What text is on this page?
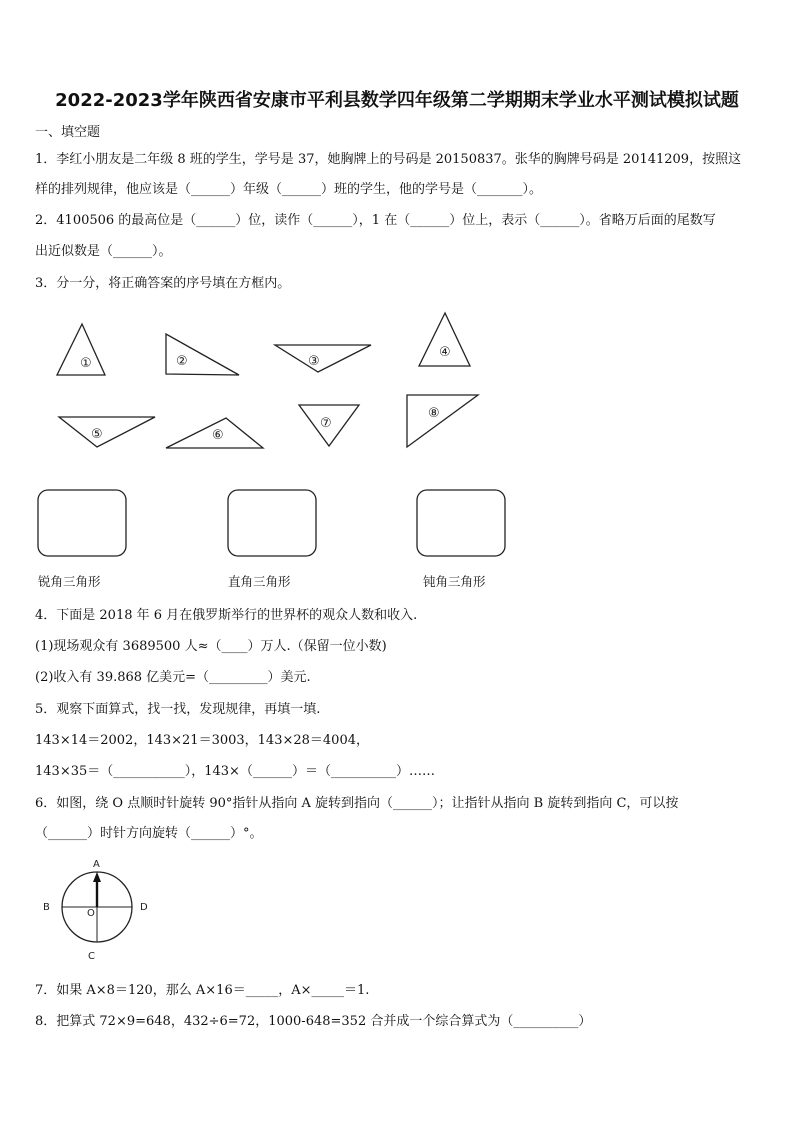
2022-2023学年陕西省安康市平利县数学四年级第二学期期末学业水平测试模拟试题
一、填空题
1．李红小朋友是二年级 8 班的学生，学号是 37，她胸牌上的号码是 20150837。张华的胸牌号码是 20141209，按照这
样的排列规律，他应该是（______）年级（______）班的学生，他的学号是（_______）。
2．4100506 的最高位是（______）位，读作（______），1 在（______）位上，表示（______）。省略万后面的尾数写
出近似数是（______）。
3．分一分，将正确答案的序号填在方框内。
①	②	③
④
⑤	⑥
⑦
⑧
锐角三角形	直角三角形	钝角三角形
4．下面是 2018 年 6 月在俄罗斯举行的世界杯的观众人数和收入.
(1)现场观众有 3689500 人≈（____）万人.（保留一位小数)
(2)收入有 39.868 亿美元=（_________）美元.
5．观察下面算式，找一找，发现规律，再填一填.
143×14＝2002，143×21＝3003，143×28＝4004，
143×35＝（___________），143×（______）＝（__________）……
6．如图，绕 O 点顺时针旋转 90°指针从指向 A 旋转到指向（______）；让指针从指向 B 旋转到指向 C，可以按
（______）时针方向旋转（______）°。
A
B
C
D
O
7．如果 A×8＝120，那么 A×16＝_____，A×_____＝1.
8．把算式 72×9=648，432÷6=72，1000-648=352 合并成一个综合算式为（__________）
